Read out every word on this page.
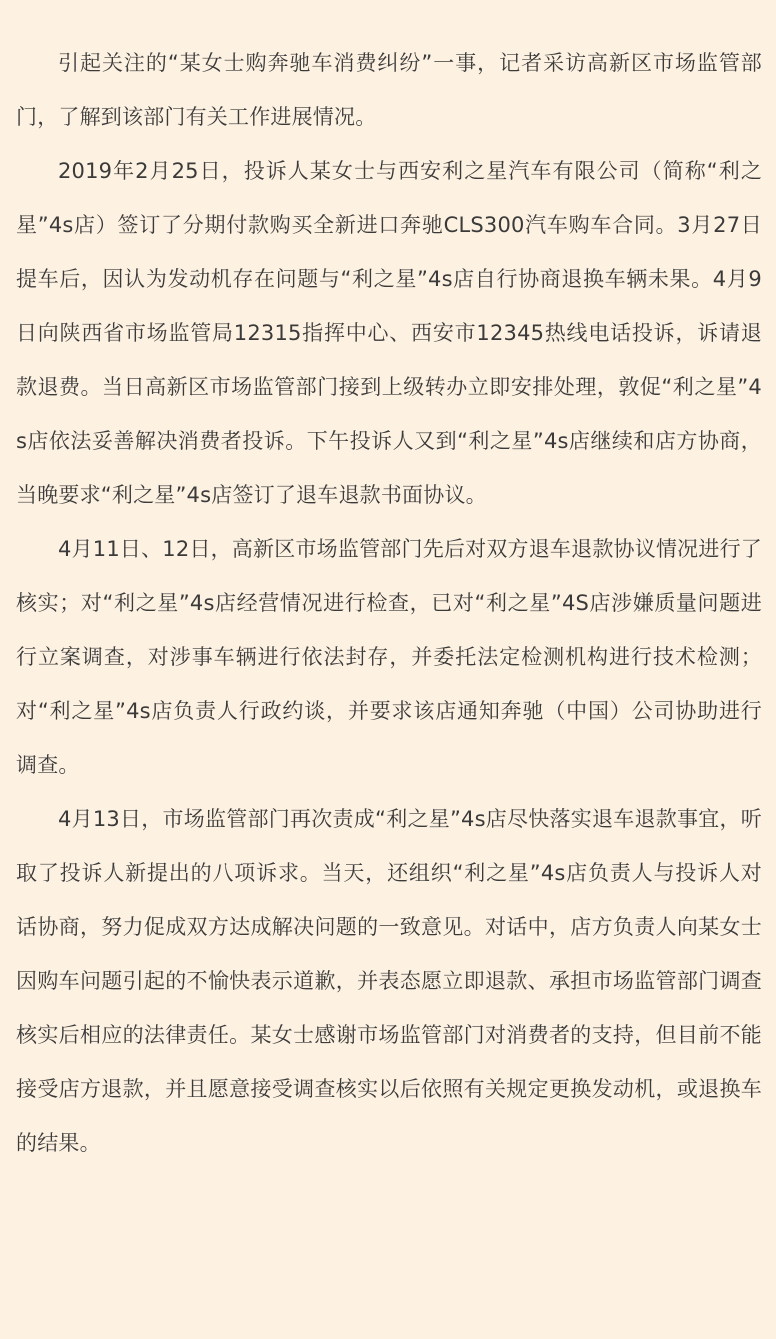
引起关注的“某女士购奔驰车消费纠纷”一事，记者采访高新区市场监管部门，了解到该部门有关工作进展情况。

2019年2月25日，投诉人某女士与西安利之星汽车有限公司（简称“利之星”4s店）签订了分期付款购买全新进口奔驰CLS300汽车购车合同。3月27日提车后，因认为发动机存在问题与“利之星”4s店自行协商退换车辆未果。4月9日向陕西省市场监管局12315指挥中心、西安市12345热线电话投诉，诉请退款退费。当日高新区市场监管部门接到上级转办立即安排处理，敦促“利之星”4s店依法妥善解决消费者投诉。下午投诉人又到“利之星”4s店继续和店方协商，当晚要求“利之星”4s店签订了退车退款书面协议。

4月11日、12日，高新区市场监管部门先后对双方退车退款协议情况进行了核实；对“利之星”4s店经营情况进行检查，已对“利之星”4S店涉嫌质量问题进行立案调查，对涉事车辆进行依法封存，并委托法定检测机构进行技术检测；对“利之星”4s店负责人行政约谈，并要求该店通知奔驰（中国）公司协助进行调查。

4月13日，市场监管部门再次责成“利之星”4s店尽快落实退车退款事宜，听取了投诉人新提出的八项诉求。当天，还组织“利之星”4s店负责人与投诉人对话协商，努力促成双方达成解决问题的一致意见。对话中，店方负责人向某女士因购车问题引起的不愉快表示道歉，并表态愿立即退款、承担市场监管部门调查核实后相应的法律责任。某女士感谢市场监管部门对消费者的支持，但目前不能接受店方退款，并且愿意接受调查核实以后依照有关规定更换发动机，或退换车的结果。
